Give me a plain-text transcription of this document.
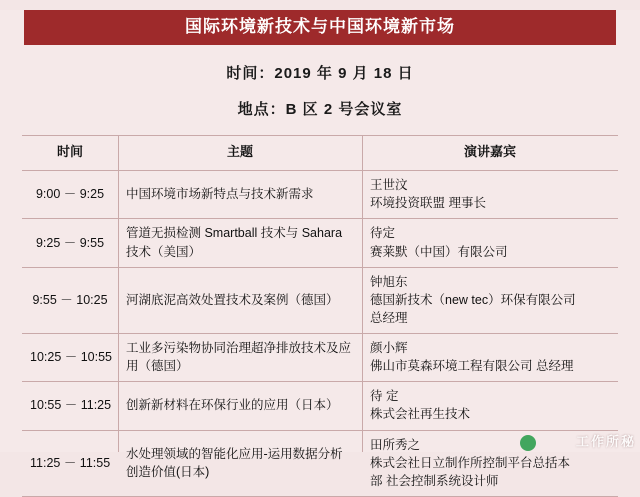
国际环境新技术与中国环境新市场
时间：2019 年 9 月 18 日
地点：B 区 2 号会议室
时间	主题	演讲嘉宾
9:00 － 9:25	中国环境市场新特点与技术新需求	王世汶
环境投资联盟 理事长

9:25 － 9:55	管道无损检测 Smartball 技术与 Sahara 技术（美国）	待定
赛莱默（中国）有限公司

9:55 － 10:25	河湖底泥高效处置技术及案例（德国）	钟旭东
德国新技术（new tec）环保有限公司
总经理

10:25 － 10:55	工业多污染物协同治理超净排放技术及应用（德国）	颜小辉
佛山市莫森环境工程有限公司 总经理

10:55 － 11:25	创新新材料在环保行业的应用（日本）	待 定
株式会社再生技术

11:25 － 11:55	水处理领域的智能化应用-运用数据分析创造价值(日本)	田所秀之
株式会社日立制作所控制平台总括本
部 社会控制系统设计师
工作所秘
